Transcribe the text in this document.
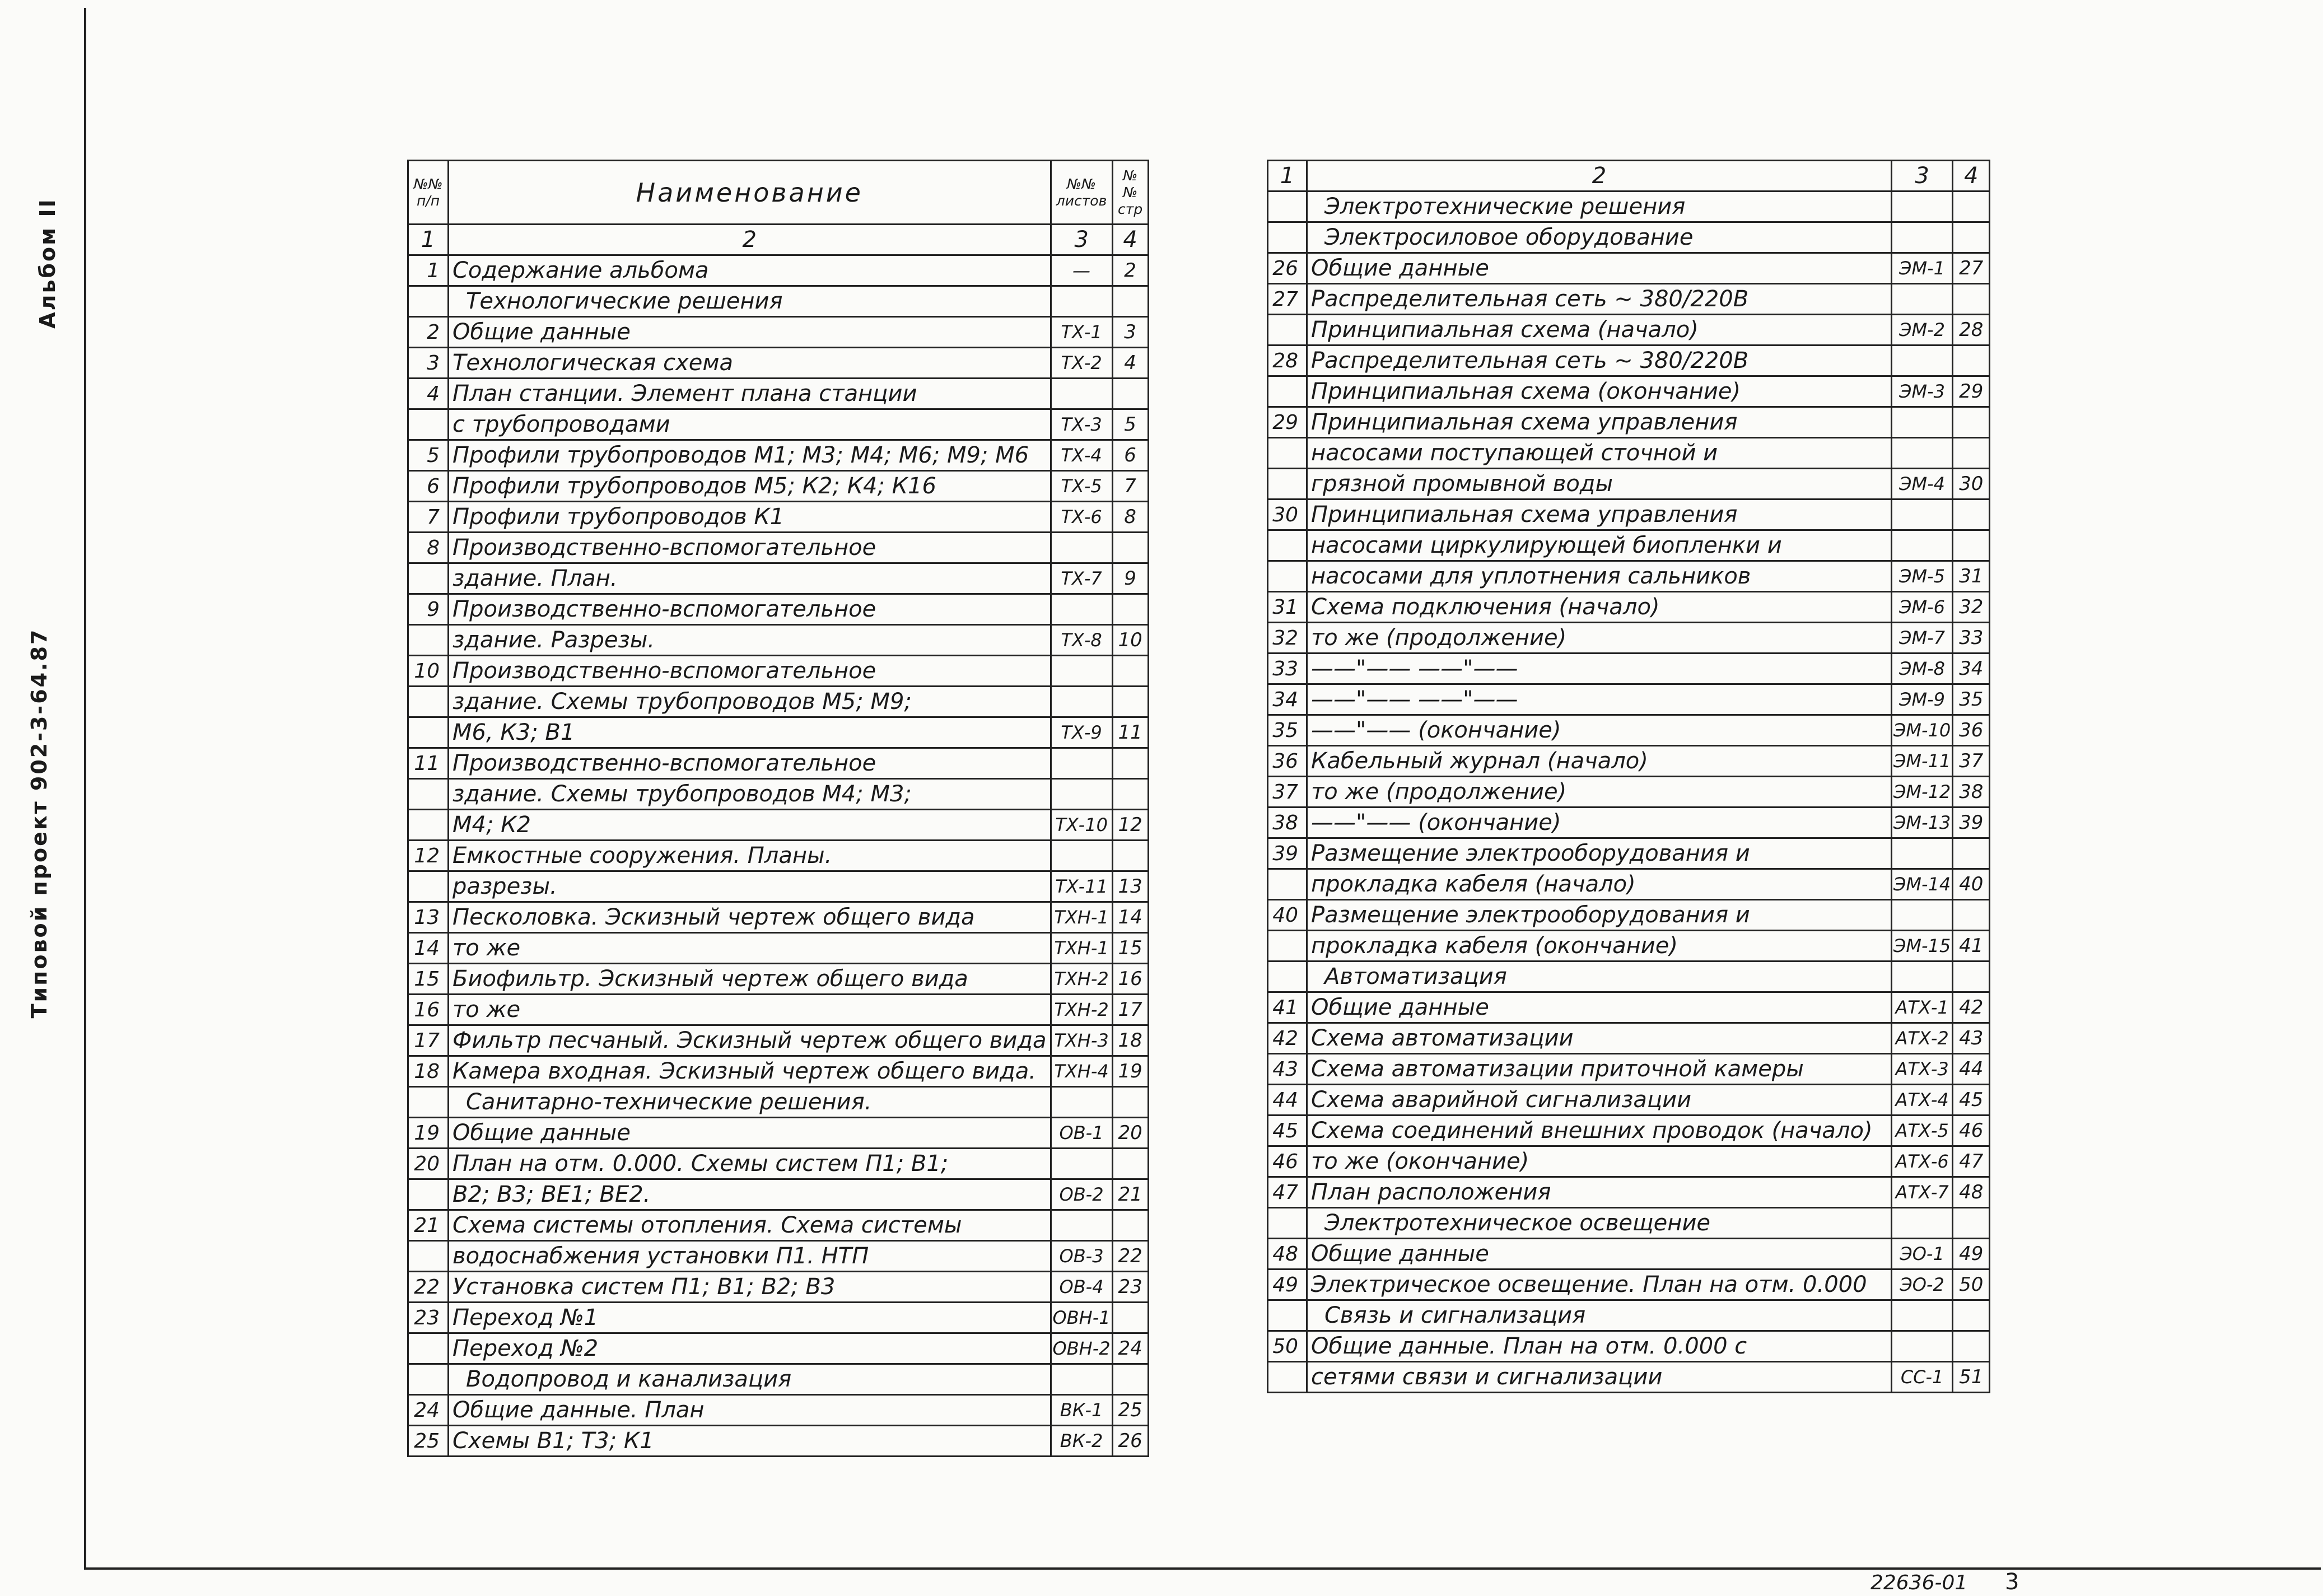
Альбом II
Типовой проект 902-3-64.87
№№ п/п	Наименование	№№ листов	№№ стр
1	2	3	4
1	Содержание альбома	—	2
	Технологические решения		
2	Общие данные	ТХ-1	3
3	Технологическая схема	ТХ-2	4
4	План станции. Элемент плана станции		
	с трубопроводами	ТХ-3	5
5	Профили трубопроводов М1; М3; М4; М6; М9; М6	ТХ-4	6
6	Профили трубопроводов М5; К2; К4; К16	ТХ-5	7
7	Профили трубопроводов К1	ТХ-6	8
8	Производственно-вспомогательное		
	здание. План.	ТХ-7	9
9	Производственно-вспомогательное		
	здание. Разрезы.	ТХ-8	10
10	Производственно-вспомогательное		
	здание. Схемы трубопроводов М5; М9;		
	М6, К3; В1	ТХ-9	11
11	Производственно-вспомогательное		
	здание. Схемы трубопроводов М4; М3;		
	М4; К2	ТХ-10	12
12	Емкостные сооружения. Планы.		
	разрезы.	ТХ-11	13
13	Песколовка. Эскизный чертеж общего вида	ТХН-1	14
14	то же	ТХН-1	15
15	Биофильтр. Эскизный чертеж общего вида	ТХН-2	16
16	то же	ТХН-2	17
17	Фильтр песчаный. Эскизный чертеж общего вида	ТХН-3	18
18	Камера входная. Эскизный чертеж общего вида.	ТХН-4	19
	Санитарно-технические решения.		
19	Общие данные	ОВ-1	20
20	План на отм. 0.000. Схемы систем П1; В1;		
	В2; В3; ВЕ1; ВЕ2.	ОВ-2	21
21	Схема системы отопления. Схема системы		
	водоснабжения установки П1. НТП	ОВ-3	22
22	Установка систем П1; В1; В2; В3	ОВ-4	23
23	Переход №1	ОВН-1	
	Переход №2	ОВН-2	24
	Водопровод и канализация		
24	Общие данные. План	ВК-1	25
25	Схемы В1; Т3; К1	ВК-2	26
1	2	3	4
	Электротехнические решения		
	Электросиловое оборудование		
26	Общие данные	ЭМ-1	27
27	Распределительная сеть ~ 380/220В		
	Принципиальная схема (начало)	ЭМ-2	28
28	Распределительная сеть ~ 380/220В		
	Принципиальная схема (окончание)	ЭМ-3	29
29	Принципиальная схема управления		
	насосами поступающей сточной и		
	грязной промывной воды	ЭМ-4	30
30	Принципиальная схема управления		
	насосами циркулирующей биопленки и		
	насосами для уплотнения сальников	ЭМ-5	31
31	Схема подключения (начало)	ЭМ-6	32
32	то же (продолжение)	ЭМ-7	33
33	——"—— ——"——	ЭМ-8	34
34	——"—— ——"——	ЭМ-9	35
35	——"—— (окончание)	ЭМ-10	36
36	Кабельный журнал (начало)	ЭМ-11	37
37	то же (продолжение)	ЭМ-12	38
38	——"—— (окончание)	ЭМ-13	39
39	Размещение электрооборудования и		
	прокладка кабеля (начало)	ЭМ-14	40
40	Размещение электрооборудования и		
	прокладка кабеля (окончание)	ЭМ-15	41
	Автоматизация		
41	Общие данные	АТХ-1	42
42	Схема автоматизации	АТХ-2	43
43	Схема автоматизации приточной камеры	АТХ-3	44
44	Схема аварийной сигнализации	АТХ-4	45
45	Схема соединений внешних проводок (начало)	АТХ-5	46
46	то же (окончание)	АТХ-6	47
47	План расположения	АТХ-7	48
	Электротехническое освещение		
48	Общие данные	ЭО-1	49
49	Электрическое освещение. План на отм. 0.000	ЭО-2	50
	Связь и сигнализация		
50	Общие данные. План на отм. 0.000 с		
	сетями связи и сигнализации	СС-1	51
22636-01 3
